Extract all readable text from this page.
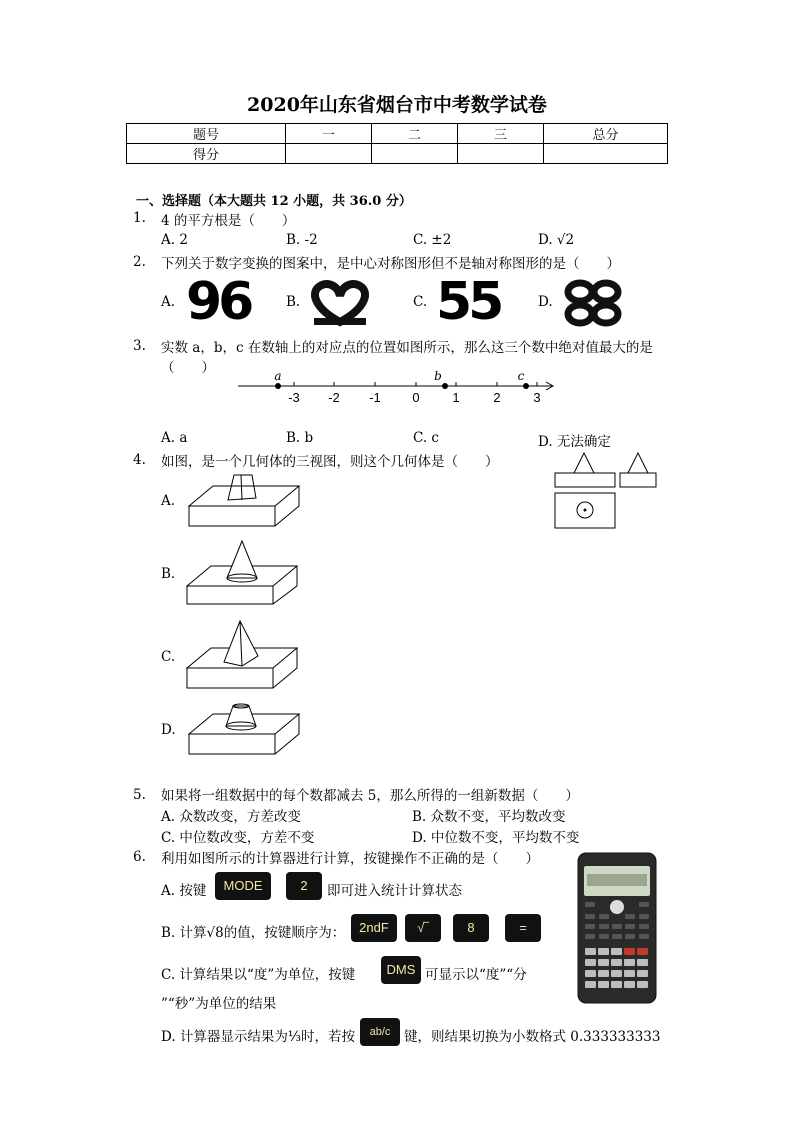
2020年山东省烟台市中考数学试卷
题号	一	二	三	总分
得分				
一、选择题（本大题共 12 小题，共 36.0 分）
1. 4 的平方根是（　　）
A. 2	B. -2	C. ±2	D. √2
2. 下列关于数字变换的图案中，是中心对称图形但不是轴对称图形的是（　　）
A. 96	B.	C. 55	D.
3. 实数 a，b，c 在数轴上的对应点的位置如图所示，那么这三个数中绝对值最大的是
（　　）
-3 -2 -1 0	1	2	3
a	b	c
A. a	B. b	C. c	D. 无法确定
4. 如图，是一个几何体的三视图，则这个几何体是（　　）
A.
B.
C.
D.
5. 如果将一组数据中的每个数都减去 5，那么所得的一组新数据（　　）
A. 众数改变，方差改变	B. 众数不变，平均数改变
C. 中位数改变，方差不变	D. 中位数不变，平均数不变
6. 利用如图所示的计算器进行计算，按键操作不正确的是（　　）
A. 按键	MODE	2	即可进入统计计算状态
B. 计算√8的值，按键顺序为：	2ndF	√‾	8	=
C. 计算结果以“度”为单位，按键	DMS 可显示以“度”“分
”“秒”为单位的结果
D. 计算器显示结果为⅓时，若按	ab/c	键，则结果切换为小数格式 0.333333333
